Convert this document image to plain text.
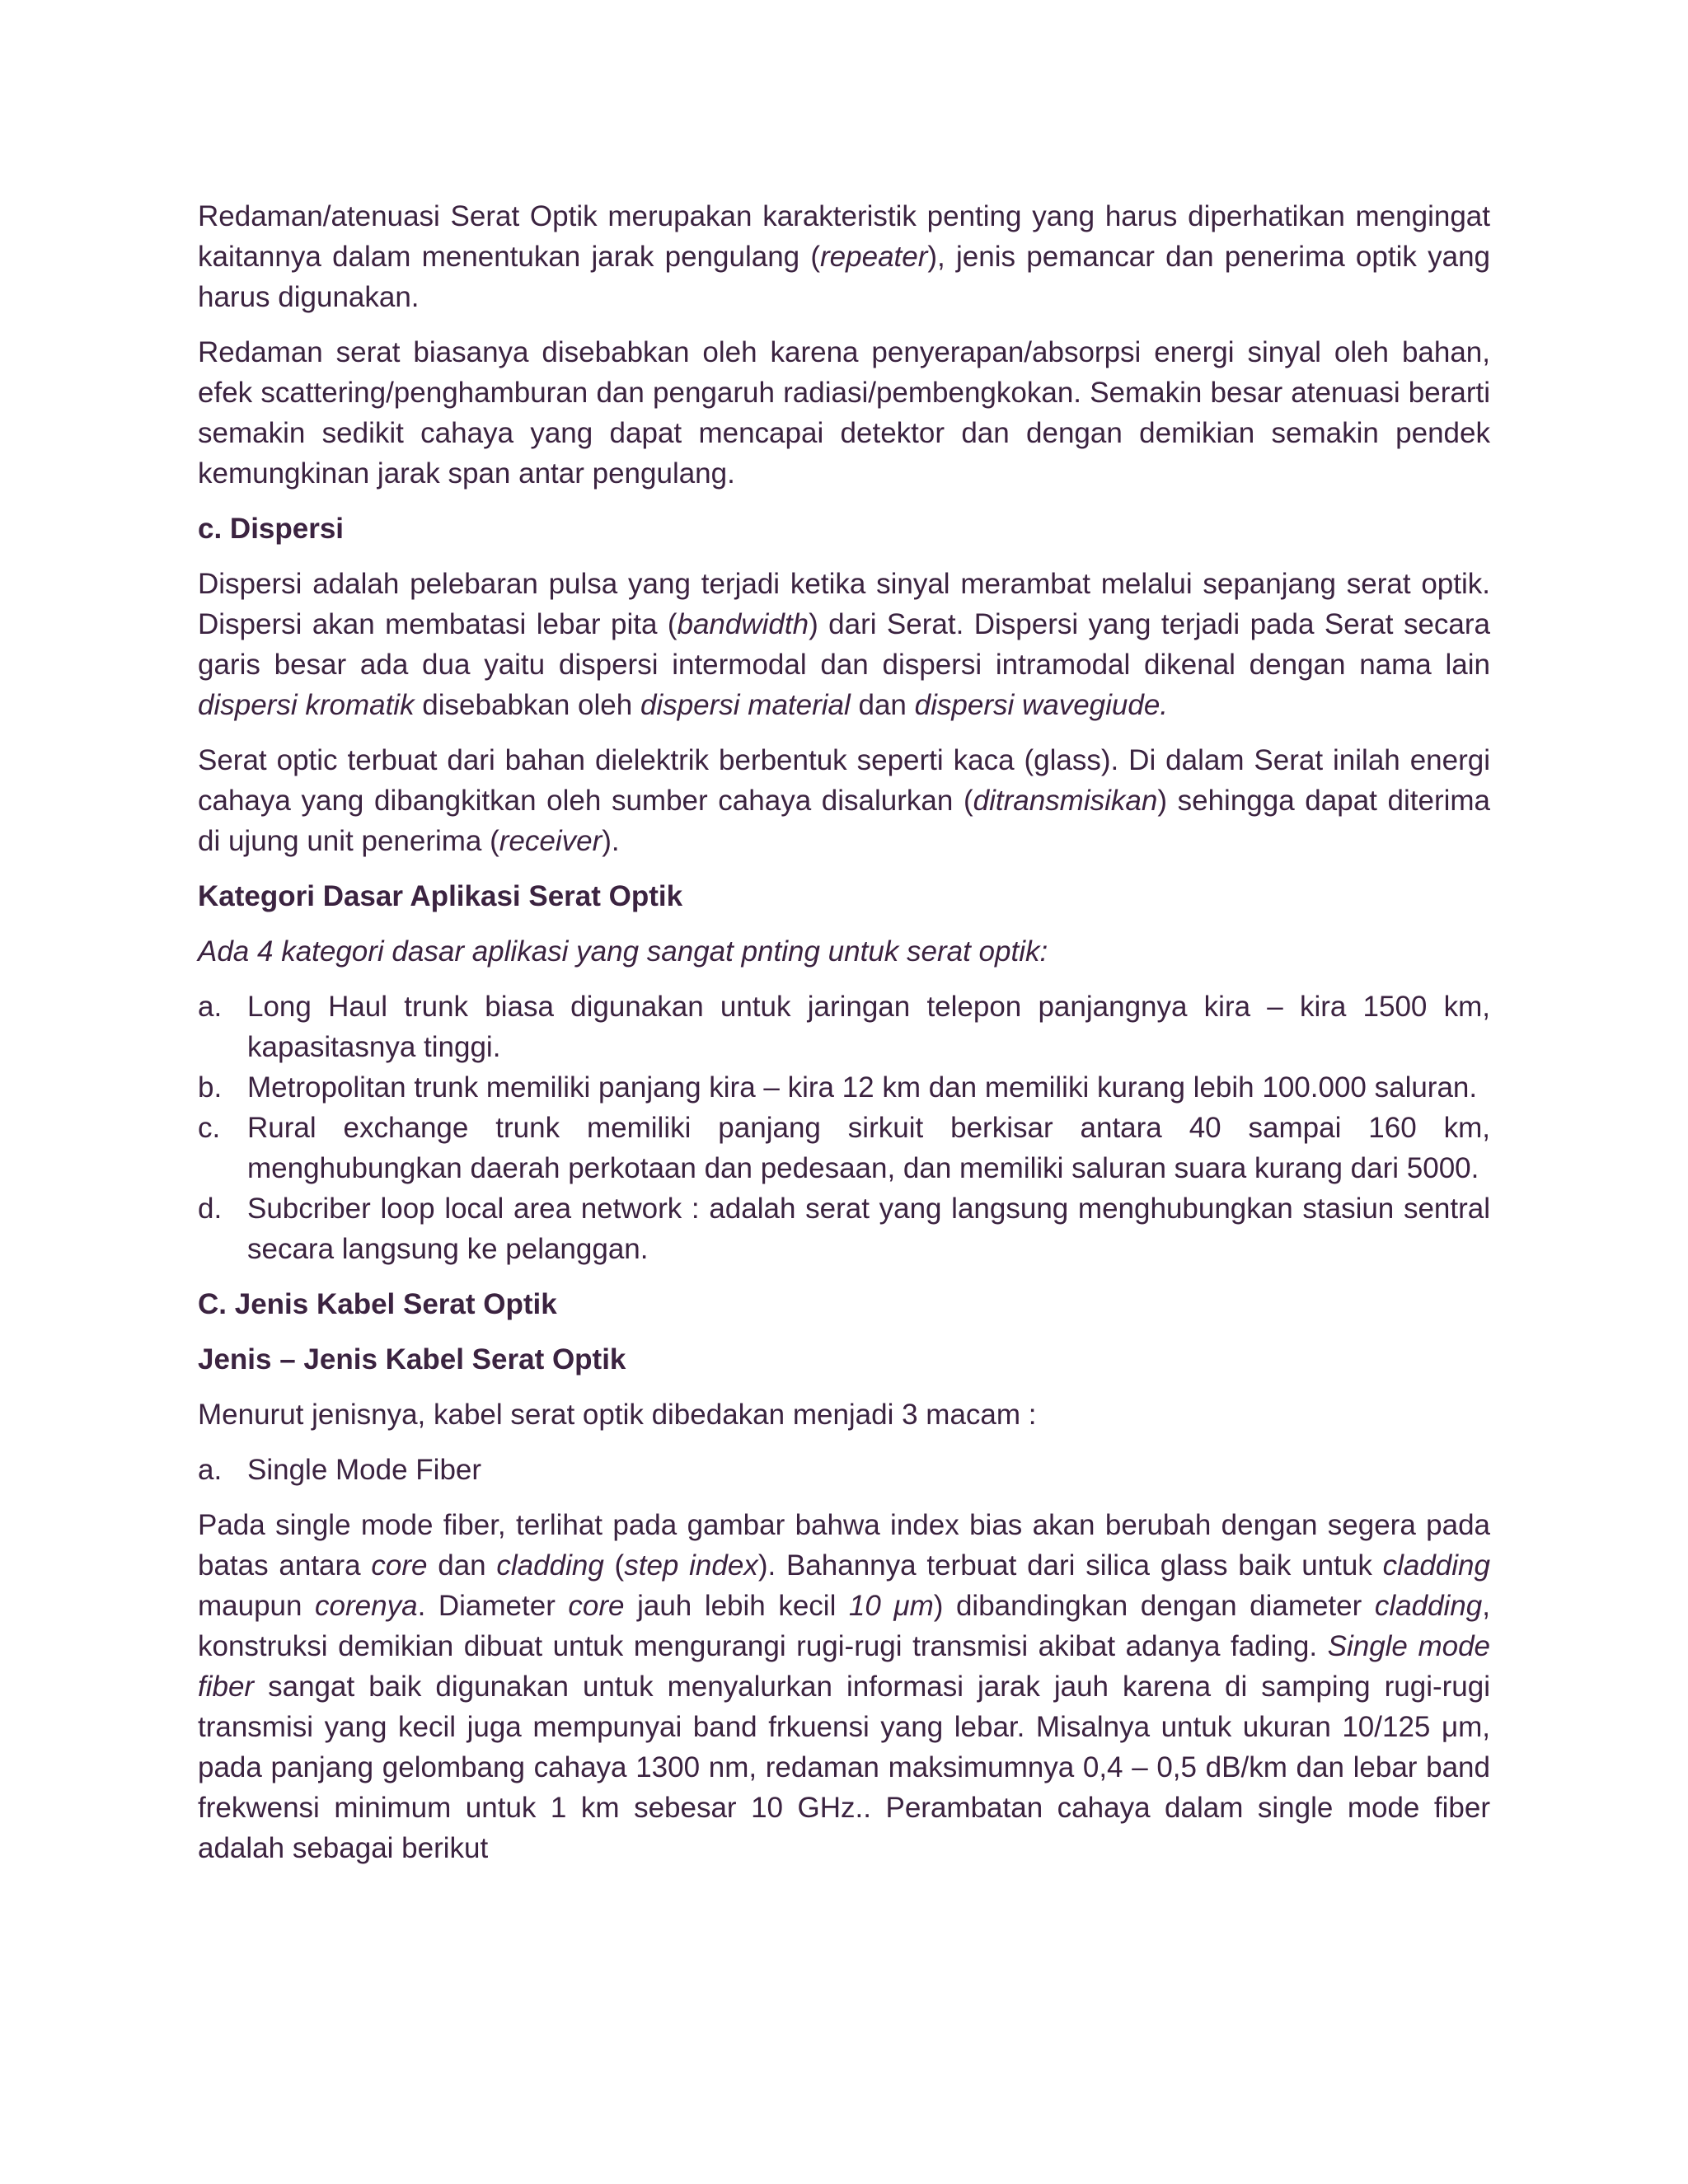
Redaman/atenuasi Serat Optik merupakan karakteristik penting yang harus diperhatikan mengingat kaitannya dalam menentukan jarak pengulang (repeater), jenis pemancar dan penerima optik yang harus digunakan.

Redaman serat biasanya disebabkan oleh karena penyerapan/absorpsi energi sinyal oleh bahan, efek scattering/penghamburan dan pengaruh radiasi/pembengkokan. Semakin besar atenuasi berarti semakin sedikit cahaya yang dapat mencapai detektor dan dengan demikian semakin pendek kemungkinan jarak span antar pengulang.

c. Dispersi

Dispersi adalah pelebaran pulsa yang terjadi ketika sinyal merambat melalui sepanjang serat optik. Dispersi akan membatasi lebar pita (bandwidth) dari Serat. Dispersi yang terjadi pada Serat secara garis besar ada dua yaitu dispersi intermodal dan dispersi intramodal dikenal dengan nama lain dispersi kromatik disebabkan oleh dispersi material dan dispersi wavegiude.

Serat optic terbuat dari bahan dielektrik berbentuk seperti kaca (glass). Di dalam Serat inilah energi cahaya yang dibangkitkan oleh sumber cahaya disalurkan (ditransmisikan) sehingga dapat diterima di ujung unit penerima (receiver).

Kategori Dasar Aplikasi Serat Optik
Ada 4 kategori dasar aplikasi yang sangat pnting untuk serat optik:
a. Long Haul trunk biasa digunakan untuk jaringan telepon panjangnya kira – kira 1500 km, kapasitasnya tinggi.
b. Metropolitan trunk memiliki panjang kira – kira 12 km dan memiliki kurang lebih 100.000 saluran.
c. Rural exchange trunk memiliki panjang sirkuit berkisar antara 40 sampai 160 km, menghubungkan daerah perkotaan dan pedesaan, dan memiliki saluran suara kurang dari 5000.
d. Subcriber loop local area network : adalah serat yang langsung menghubungkan stasiun sentral secara langsung ke pelanggan.
C. Jenis Kabel Serat Optik
Jenis – Jenis Kabel Serat Optik

Menurut jenisnya, kabel serat optik dibedakan menjadi 3 macam :

a. Single Mode Fiber

Pada single mode fiber, terlihat pada gambar bahwa index bias akan berubah dengan segera pada batas antara core dan cladding (step index). Bahannya terbuat dari silica glass baik untuk cladding maupun corenya. Diameter core jauh lebih kecil 10 μm) dibandingkan dengan diameter cladding, konstruksi demikian dibuat untuk mengurangi rugi-rugi transmisi akibat adanya fading. Single mode fiber sangat baik digunakan untuk menyalurkan informasi jarak jauh karena di samping rugi-rugi transmisi yang kecil juga mempunyai band frkuensi yang lebar. Misalnya untuk ukuran 10/125 μm, pada panjang gelombang cahaya 1300 nm, redaman maksimumnya 0,4 – 0,5 dB/km dan lebar band frekwensi minimum untuk 1 km sebesar 10 GHz.. Perambatan cahaya dalam single mode fiber adalah sebagai berikut
